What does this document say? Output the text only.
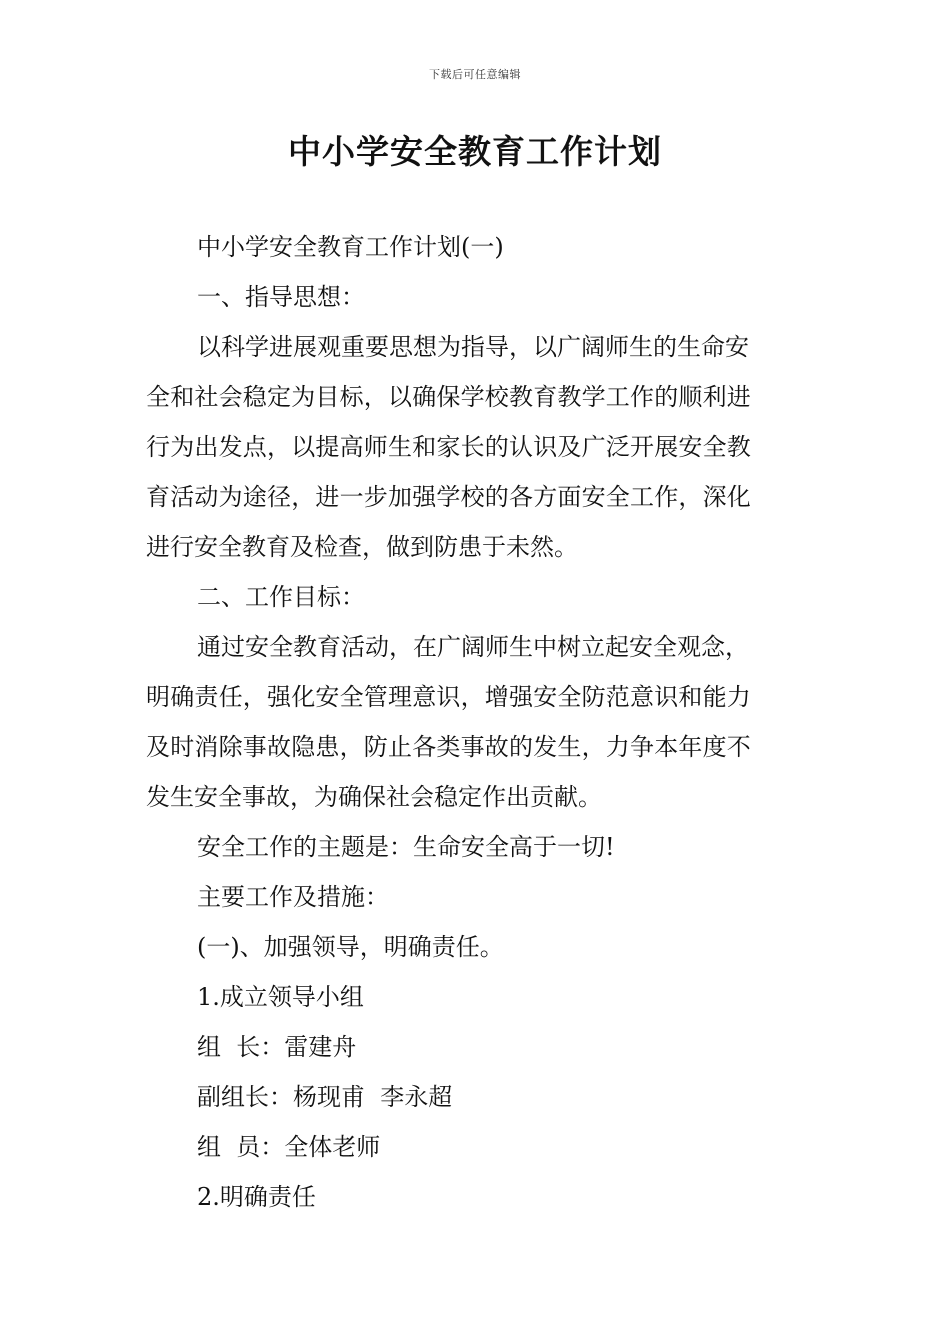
下载后可任意编辑
中小学安全教育工作计划
中小学安全教育工作计划(一)
一、指导思想：
以科学进展观重要思想为指导，以广阔师生的生命安
全和社会稳定为目标，以确保学校教育教学工作的顺利进
行为出发点，以提高师生和家长的认识及广泛开展安全教
育活动为途径，进一步加强学校的各方面安全工作，深化
进行安全教育及检查，做到防患于未然。
二、工作目标：
通过安全教育活动，在广阔师生中树立起安全观念，
明确责任，强化安全管理意识，增强安全防范意识和能力
及时消除事故隐患，防止各类事故的发生，力争本年度不
发生安全事故，为确保社会稳定作出贡献。
安全工作的主题是：生命安全高于一切!
主要工作及措施：
(一)、加强领导，明确责任。
1.成立领导小组
组  长：雷建舟
副组长：杨现甫  李永超
组  员：全体老师
2.明确责任
